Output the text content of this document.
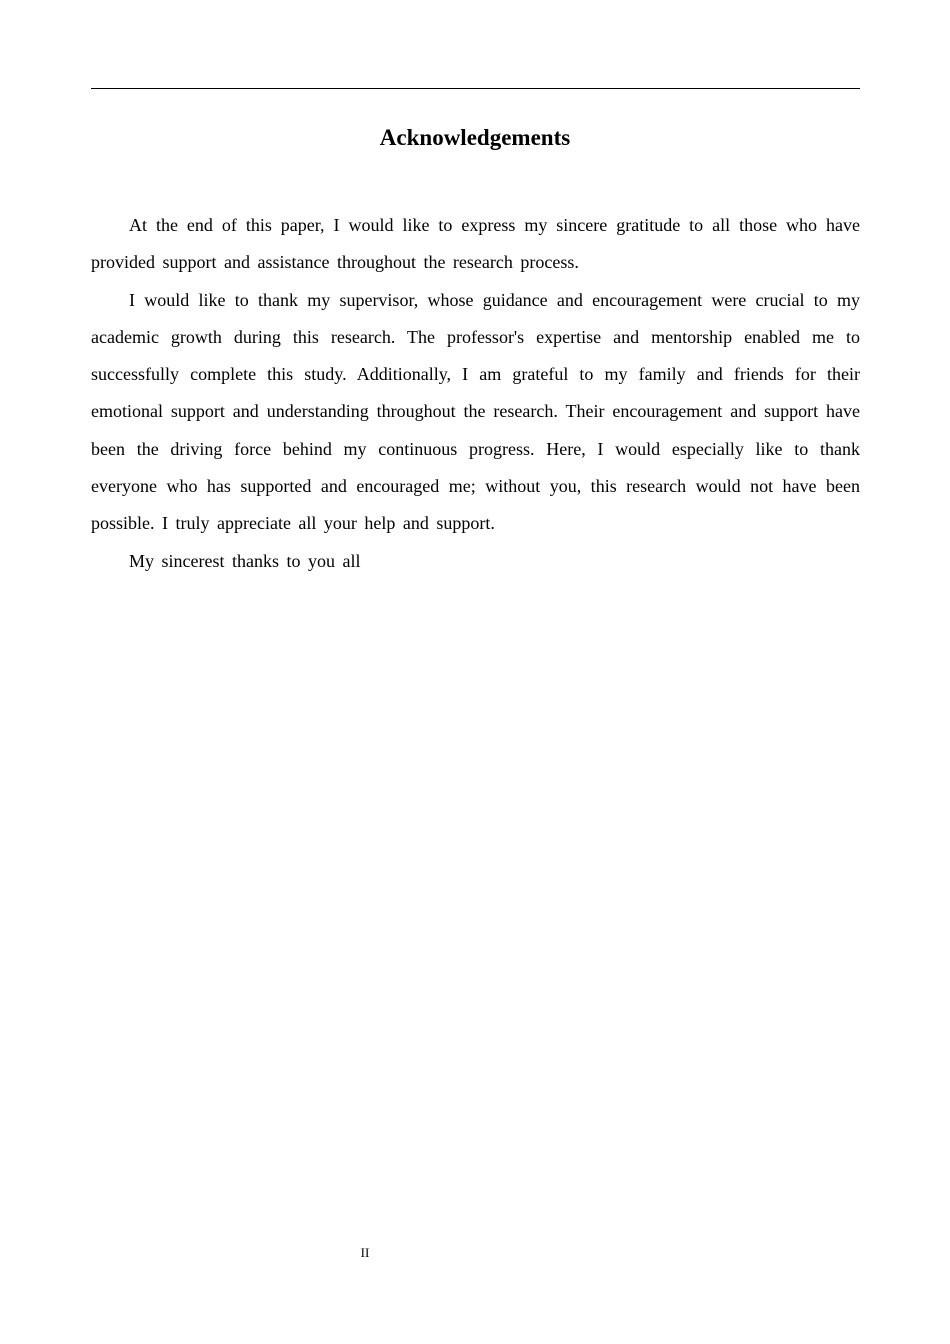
Acknowledgements

At the end of this paper, I would like to express my sincere gratitude to all those who have provided support and assistance throughout the research process.

I would like to thank my supervisor, whose guidance and encouragement were crucial to my academic growth during this research. The professor's expertise and mentorship enabled me to successfully complete this study. Additionally, I am grateful to my family and friends for their emotional support and understanding throughout the research. Their encouragement and support have been the driving force behind my continuous progress. Here, I would especially like to thank everyone who has supported and encouraged me; without you, this research would not have been possible. I truly appreciate all your help and support.

My sincerest thanks to you all

II
